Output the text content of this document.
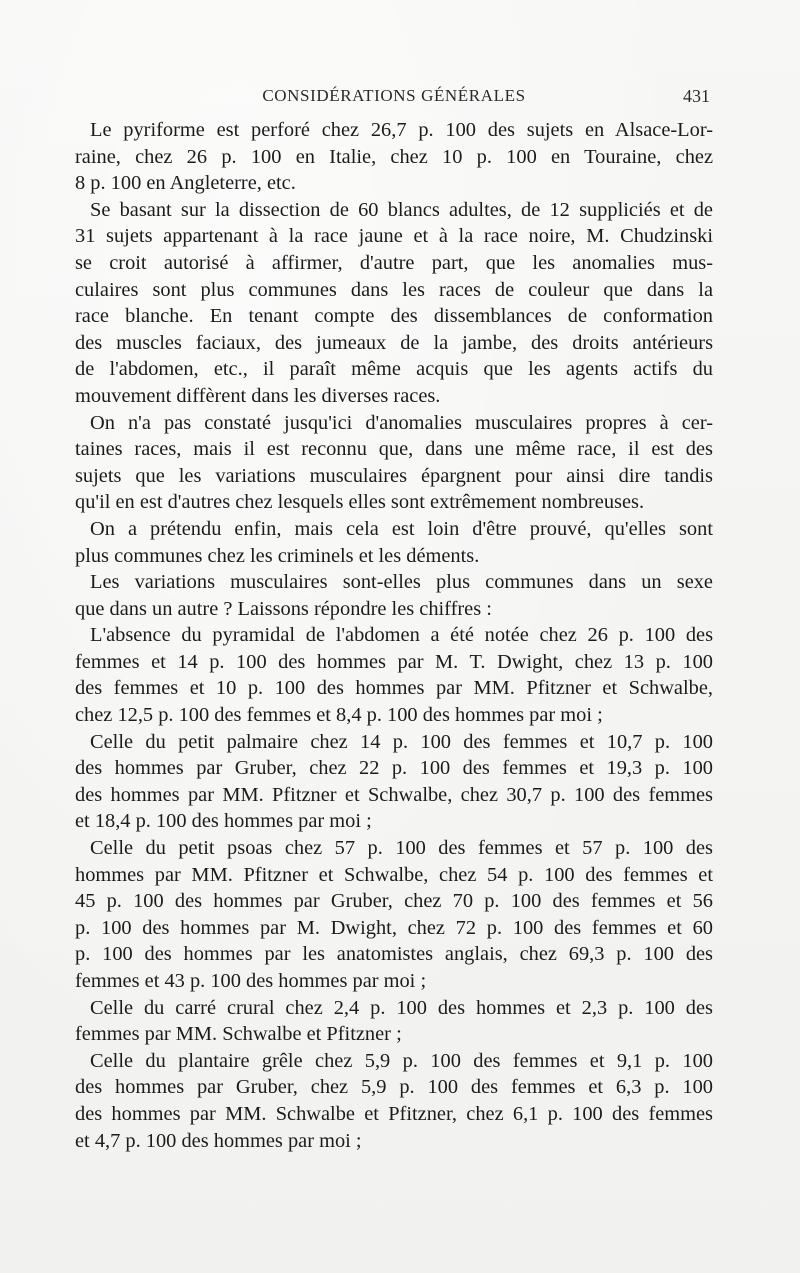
CONSIDÉRATIONS GÉNÉRALES	431
Le pyriforme est perforé chez 26,7 p. 100 des sujets en Alsace-Lor-
raine, chez 26 p. 100 en Italie, chez 10 p. 100 en Touraine, chez
8 p. 100 en Angleterre, etc.
Se basant sur la dissection de 60 blancs adultes, de 12 suppliciés et de
31 sujets appartenant à la race jaune et à la race noire, M. Chudzinski
se croit autorisé à affirmer, d'autre part, que les anomalies mus-
culaires sont plus communes dans les races de couleur que dans la
race blanche. En tenant compte des dissemblances de conformation
des muscles faciaux, des jumeaux de la jambe, des droits antérieurs
de l'abdomen, etc., il paraît même acquis que les agents actifs du
mouvement diffèrent dans les diverses races.
On n'a pas constaté jusqu'ici d'anomalies musculaires propres à cer-
taines races, mais il est reconnu que, dans une même race, il est des
sujets que les variations musculaires épargnent pour ainsi dire tandis
qu'il en est d'autres chez lesquels elles sont extrêmement nombreuses.
On a prétendu enfin, mais cela est loin d'être prouvé, qu'elles sont
plus communes chez les criminels et les déments.
Les variations musculaires sont-elles plus communes dans un sexe
que dans un autre ? Laissons répondre les chiffres :
L'absence du pyramidal de l'abdomen a été notée chez 26 p. 100 des
femmes et 14 p. 100 des hommes par M. T. Dwight, chez 13 p. 100
des femmes et 10 p. 100 des hommes par MM. Pfitzner et Schwalbe,
chez 12,5 p. 100 des femmes et 8,4 p. 100 des hommes par moi ;
Celle du petit palmaire chez 14 p. 100 des femmes et 10,7 p. 100
des hommes par Gruber, chez 22 p. 100 des femmes et 19,3 p. 100
des hommes par MM. Pfitzner et Schwalbe, chez 30,7 p. 100 des femmes
et 18,4 p. 100 des hommes par moi ;
Celle du petit psoas chez 57 p. 100 des femmes et 57 p. 100 des
hommes par MM. Pfitzner et Schwalbe, chez 54 p. 100 des femmes et
45 p. 100 des hommes par Gruber, chez 70 p. 100 des femmes et 56
p. 100 des hommes par M. Dwight, chez 72 p. 100 des femmes et 60
p. 100 des hommes par les anatomistes anglais, chez 69,3 p. 100 des
femmes et 43 p. 100 des hommes par moi ;
Celle du carré crural chez 2,4 p. 100 des hommes et 2,3 p. 100 des
femmes par MM. Schwalbe et Pfitzner ;
Celle du plantaire grêle chez 5,9 p. 100 des femmes et 9,1 p. 100
des hommes par Gruber, chez 5,9 p. 100 des femmes et 6,3 p. 100
des hommes par MM. Schwalbe et Pfitzner, chez 6,1 p. 100 des femmes
et 4,7 p. 100 des hommes par moi ;
